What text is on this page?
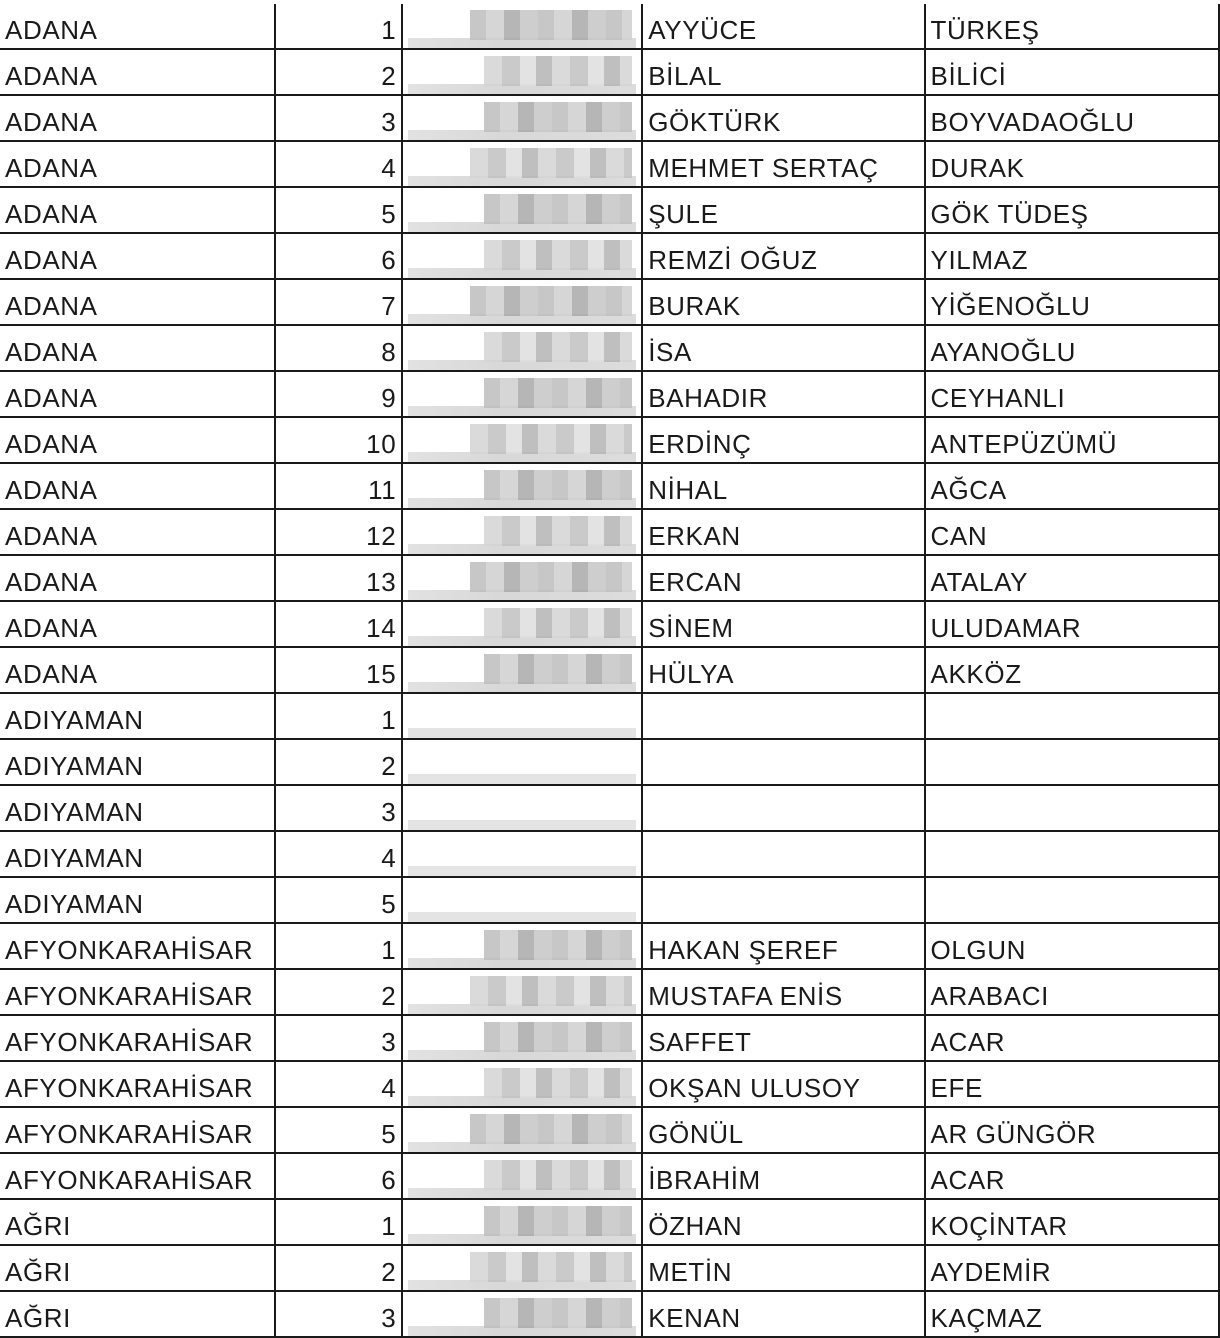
ADANA	1		AYYÜCE	TÜRKEŞ
ADANA	2		BİLAL	BİLİCİ
ADANA	3		GÖKTÜRK	BOYVADAOĞLU
ADANA	4		MEHMET SERTAÇ	DURAK
ADANA	5		ŞULE	GÖK TÜDEŞ
ADANA	6		REMZİ OĞUZ	YILMAZ
ADANA	7		BURAK	YİĞENOĞLU
ADANA	8		İSA	AYANOĞLU
ADANA	9		BAHADIR	CEYHANLI
ADANA	10		ERDİNÇ	ANTEPÜZÜMÜ
ADANA	11		NİHAL	AĞCA
ADANA	12		ERKAN	CAN
ADANA	13		ERCAN	ATALAY
ADANA	14		SİNEM	ULUDAMAR
ADANA	15		HÜLYA	AKKÖZ
ADIYAMAN	1	

ADIYAMAN	2	

ADIYAMAN	3	

ADIYAMAN	4	

ADIYAMAN	5	

AFYONKARAHİSAR	1		HAKAN ŞEREF	OLGUN
AFYONKARAHİSAR	2		MUSTAFA ENİS	ARABACI
AFYONKARAHİSAR	3		SAFFET	ACAR
AFYONKARAHİSAR	4		OKŞAN ULUSOY	EFE
AFYONKARAHİSAR	5		GÖNÜL	AR GÜNGÖR
AFYONKARAHİSAR	6		İBRAHİM	ACAR
AĞRI	1		ÖZHAN	KOÇİNTAR
AĞRI	2		METİN	AYDEMİR
AĞRI	3		KENAN	KAÇMAZ
